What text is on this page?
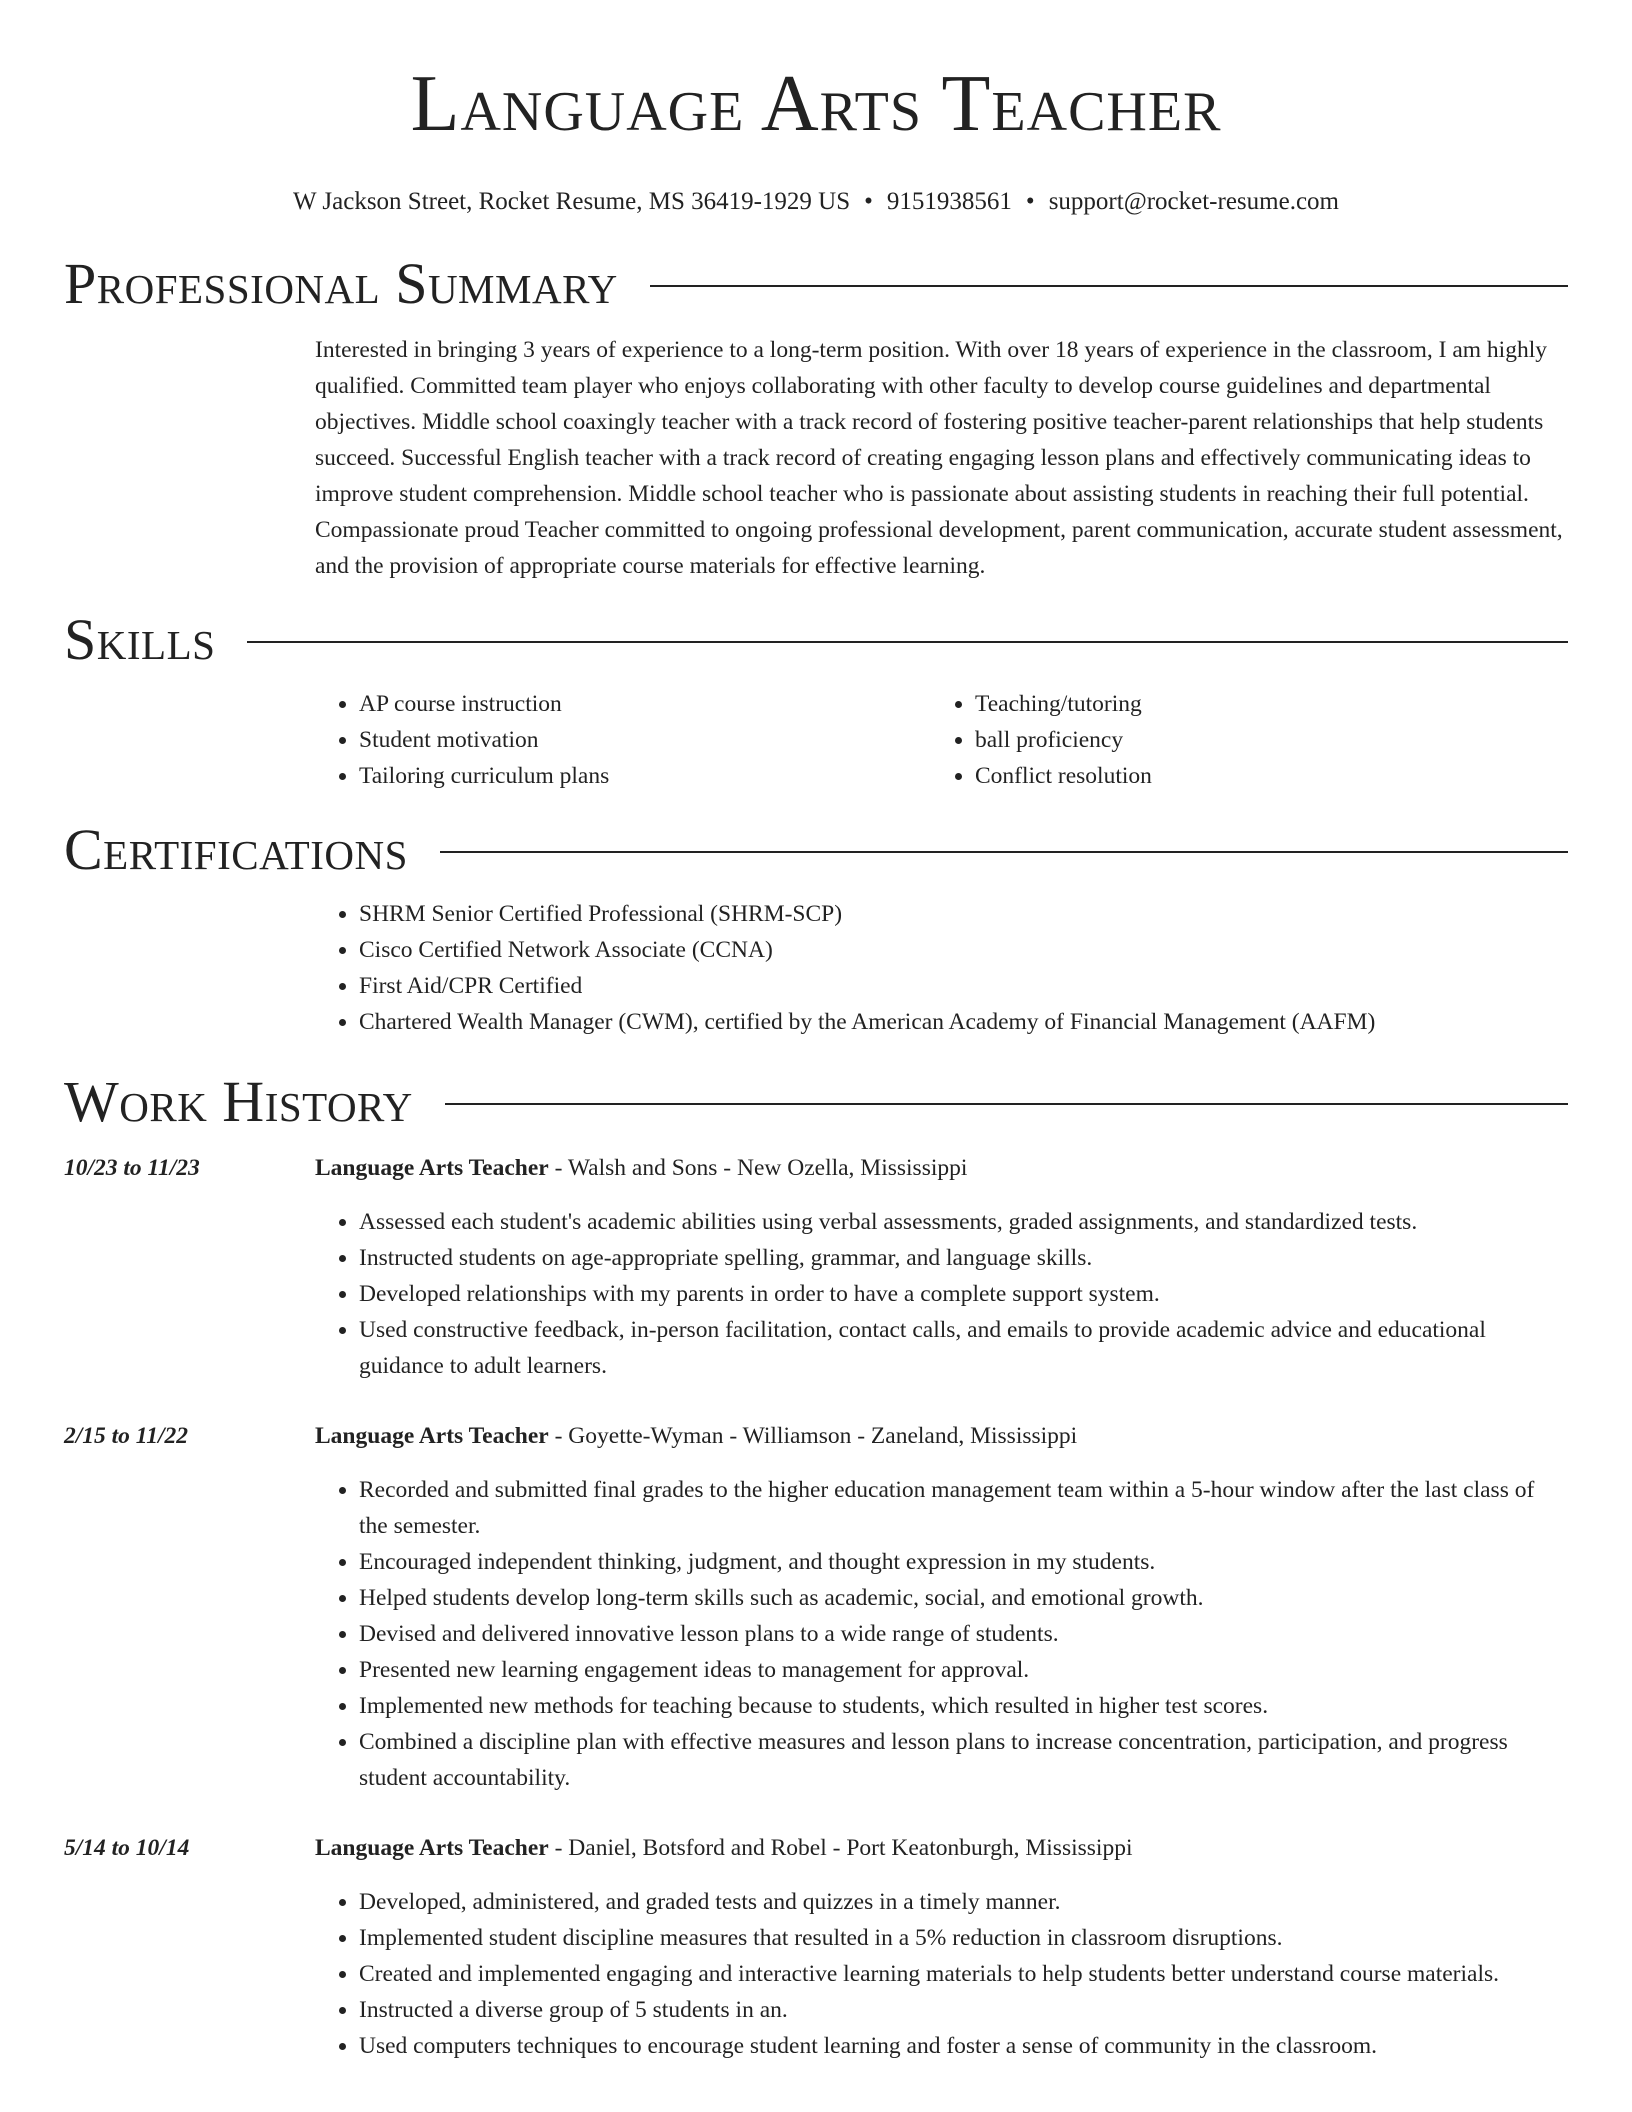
Language Arts Teacher
W Jackson Street, Rocket Resume, MS 36419-1929 US • 9151938561 • support@rocket-resume.com
Professional Summary

Interested in bringing 3 years of experience to a long-term position. With over 18 years of experience in the classroom, I am highly qualified. Committed team player who enjoys collaborating with other faculty to develop course guidelines and departmental objectives. Middle school coaxingly teacher with a track record of fostering positive teacher-parent relationships that help students succeed. Successful English teacher with a track record of creating engaging lesson plans and effectively communicating ideas to improve student comprehension. Middle school teacher who is passionate about assisting students in reaching their full potential. Compassionate proud Teacher committed to ongoing professional development, parent communication, accurate student assessment, and the provision of appropriate course materials for effective learning.

Skills
• AP course instruction
• Student motivation
• Tailoring curriculum plans
• Teaching/tutoring
• ball proficiency
• Conflict resolution
Certifications
• SHRM Senior Certified Professional (SHRM-SCP)
• Cisco Certified Network Associate (CCNA)
• First Aid/CPR Certified
• Chartered Wealth Manager (CWM), certified by the American Academy of Financial Management (AAFM)
Work History
10/23 to 11/23	Language Arts Teacher - Walsh and Sons - New Ozella, Mississippi
• Assessed each student's academic abilities using verbal assessments, graded assignments, and standardized tests.
• Instructed students on age-appropriate spelling, grammar, and language skills.
• Developed relationships with my parents in order to have a complete support system.
• Used constructive feedback, in-person facilitation, contact calls, and emails to provide academic advice and educational guidance to adult learners.
2/15 to 11/22	Language Arts Teacher - Goyette-Wyman - Williamson - Zaneland, Mississippi
• Recorded and submitted final grades to the higher education management team within a 5-hour window after the last class of the semester.
• Encouraged independent thinking, judgment, and thought expression in my students.
• Helped students develop long-term skills such as academic, social, and emotional growth.
• Devised and delivered innovative lesson plans to a wide range of students.
• Presented new learning engagement ideas to management for approval.
• Implemented new methods for teaching because to students, which resulted in higher test scores.
• Combined a discipline plan with effective measures and lesson plans to increase concentration, participation, and progress student accountability.
5/14 to 10/14	Language Arts Teacher - Daniel, Botsford and Robel - Port Keatonburgh, Mississippi
• Developed, administered, and graded tests and quizzes in a timely manner.
• Implemented student discipline measures that resulted in a 5% reduction in classroom disruptions.
• Created and implemented engaging and interactive learning materials to help students better understand course materials.
• Instructed a diverse group of 5 students in an.
• Used computers techniques to encourage student learning and foster a sense of community in the classroom.
